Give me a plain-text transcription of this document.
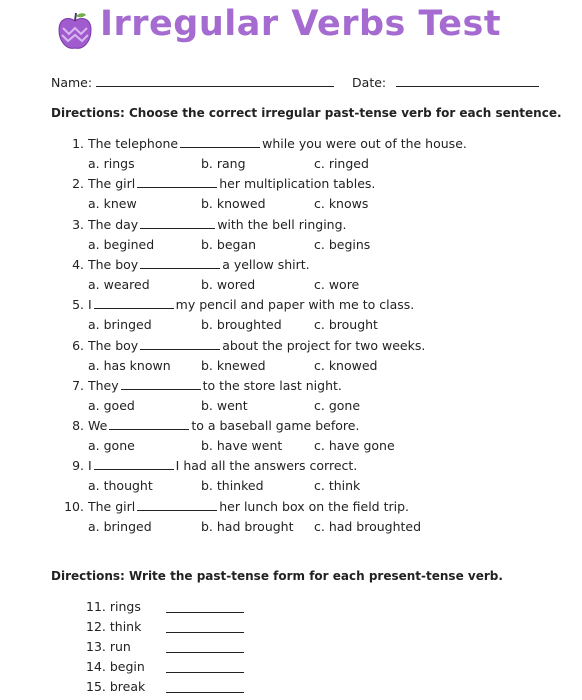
Irregular Verbs Test
Name:	Date:
Directions: Choose the correct irregular past-tense verb for each sentence.
1. The telephone	while you were out of the house.
a. rings	b. rang	c. ringed
2. The girl	her multiplication tables.
a. knew	b. knowed	c. knows
3. The day	with the bell ringing.
a. begined	b. began	c. begins
4. The boy	a yellow shirt.
a. weared	b. wored	c. wore
5. I	my pencil and paper with me to class.
a. bringed	b. broughted	c. brought
6. The boy	about the project for two weeks.
a. has known b. knewed	c. knowed
7. They	to the store last night.
a. goed	b. went	c. gone
8. We	to a baseball game before.
a. gone	b. have went	c. have gone
9. I	I had all the answers correct.
a. thought	b. thinked	c. think
10. The girl	her lunch box on the field trip.
a. bringed	b. had brought c. had broughted
Directions: Write the past-tense form for each present-tense verb.
11. rings
12. think
13. run
14. begin
15. break
